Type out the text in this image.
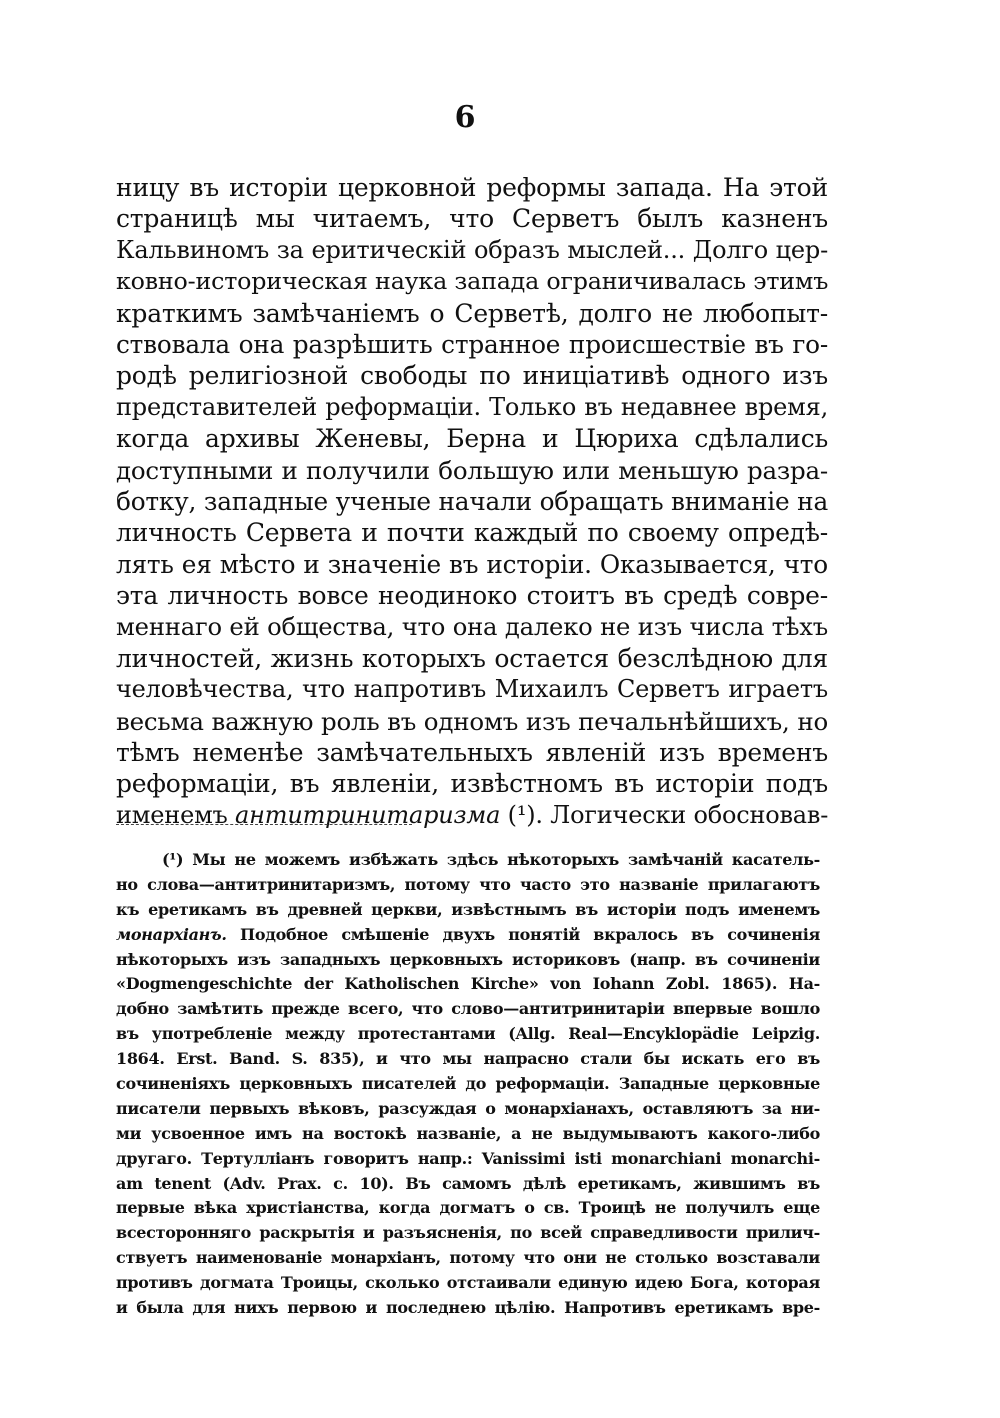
6
ницу въ исторіи церковной реформы запада. На этой
страницѣ мы читаемъ, что Серветъ былъ казненъ
Кальвиномъ за еритическій образъ мыслей... Долго цер-
ковно-историческая наука запада ограничивалась этимъ
краткимъ замѣчаніемъ о Серветѣ, долго не любопыт-
ствовала она разрѣшить странное происшествіе въ го-
родѣ религіозной свободы по иниціативѣ одного изъ
представителей реформаціи. Только въ недавнее время,
когда архивы Женевы, Берна и Цюриха сдѣлались
доступными и получили большую или меньшую разра-
ботку, западные ученые начали обращать вниманіе на
личность Сервета и почти каждый по своему опредѣ-
лять ея мѣсто и значеніе въ исторіи. Оказывается, что
эта личность вовсе неодиноко стоитъ въ средѣ совре-
меннаго ей общества, что она далеко не изъ числа тѣхъ
личностей, жизнь которыхъ остается безслѣдною для
человѣчества, что напротивъ Михаилъ Серветъ играетъ
весьма важную роль въ одномъ изъ печальнѣйшихъ, но
тѣмъ неменѣе замѣчательныхъ явленій изъ временъ
реформаціи, въ явленіи, извѣстномъ въ исторіи подъ
именемъ антитринитаризма (¹). Логически обосновав-
(¹) Мы не можемъ избѣжать здѣсь нѣкоторыхъ замѣчаній касатель-
но слова—антитринитаризмъ, потому что часто это названіе прилагаютъ
къ еретикамъ въ древней церкви, извѣстнымъ въ исторіи подъ именемъ
монархіанъ. Подобное смѣшеніе двухъ понятій вкралось въ сочиненія
нѣкоторыхъ изъ западныхъ церковныхъ историковъ (напр. въ сочиненіи
«Dogmengeschichte der Katholischen Kirche» von Iohann Zobl. 1865). На-
добно замѣтить прежде всего, что слово—антитринитаріи впервые вошло
въ употребленіе между протестантами (Allg. Real—Encyklopädie Leipzig.
1864. Erst. Band. S. 835), и что мы напрасно стали бы искать его въ
сочиненіяхъ церковныхъ писателей до реформаціи. Западные церковные
писатели первыхъ вѣковъ, разсуждая о монархіанахъ, оставляютъ за ни-
ми усвоенное имъ на востокѣ названіе, а не выдумываютъ какого-либо
другаго. Тертулліанъ говоритъ напр.: Vanissimi isti monarchiani monarchi-
am tenent (Adv. Prax. c. 10). Въ самомъ дѣлѣ еретикамъ, жившимъ въ
первые вѣка христіанства, когда догматъ о св. Троицѣ не получилъ еще
всесторонняго раскрытія и разъясненія, по всей справедливости прилич-
ствуетъ наименованіе монархіанъ, потому что они не столько возставали
противъ догмата Троицы, сколько отстаивали единую идею Бога, которая
и была для нихъ первою и последнею цѣлію. Напротивъ еретикамъ вре-
